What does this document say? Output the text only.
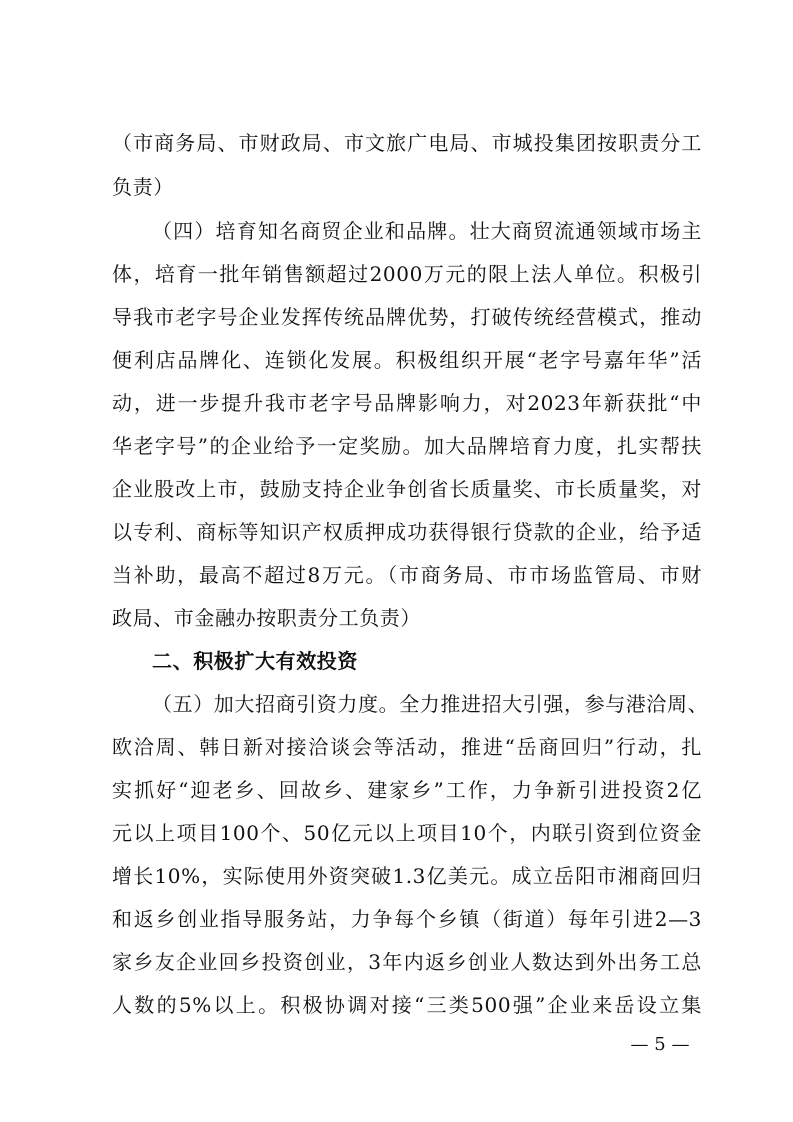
（市商务局、市财政局、市文旅广电局、市城投集团按职责分工
负责）
（四）培育知名商贸企业和品牌。壮大商贸流通领域市场主
体，培育一批年销售额超过2000万元的限上法人单位。积极引
导我市老字号企业发挥传统品牌优势，打破传统经营模式，推动
便利店品牌化、连锁化发展。积极组织开展“老字号嘉年华”活
动，进一步提升我市老字号品牌影响力，对2023年新获批“中
华老字号”的企业给予一定奖励。加大品牌培育力度，扎实帮扶
企业股改上市，鼓励支持企业争创省长质量奖、市长质量奖，对
以专利、商标等知识产权质押成功获得银行贷款的企业，给予适
当补助，最高不超过8万元。（市商务局、市市场监管局、市财
政局、市金融办按职责分工负责）
二、积极扩大有效投资
（五）加大招商引资力度。全力推进招大引强，参与港洽周、
欧洽周、韩日新对接洽谈会等活动，推进“岳商回归”行动，扎
实抓好“迎老乡、回故乡、建家乡”工作，力争新引进投资2亿
元以上项目100个、50亿元以上项目10个，内联引资到位资金
增长10%，实际使用外资突破1.3亿美元。成立岳阳市湘商回归
和返乡创业指导服务站，力争每个乡镇（街道）每年引进2—3
家乡友企业回乡投资创业，3年内返乡创业人数达到外出务工总
人数的5%以上。积极协调对接“三类500强”企业来岳设立集
— 5 —
